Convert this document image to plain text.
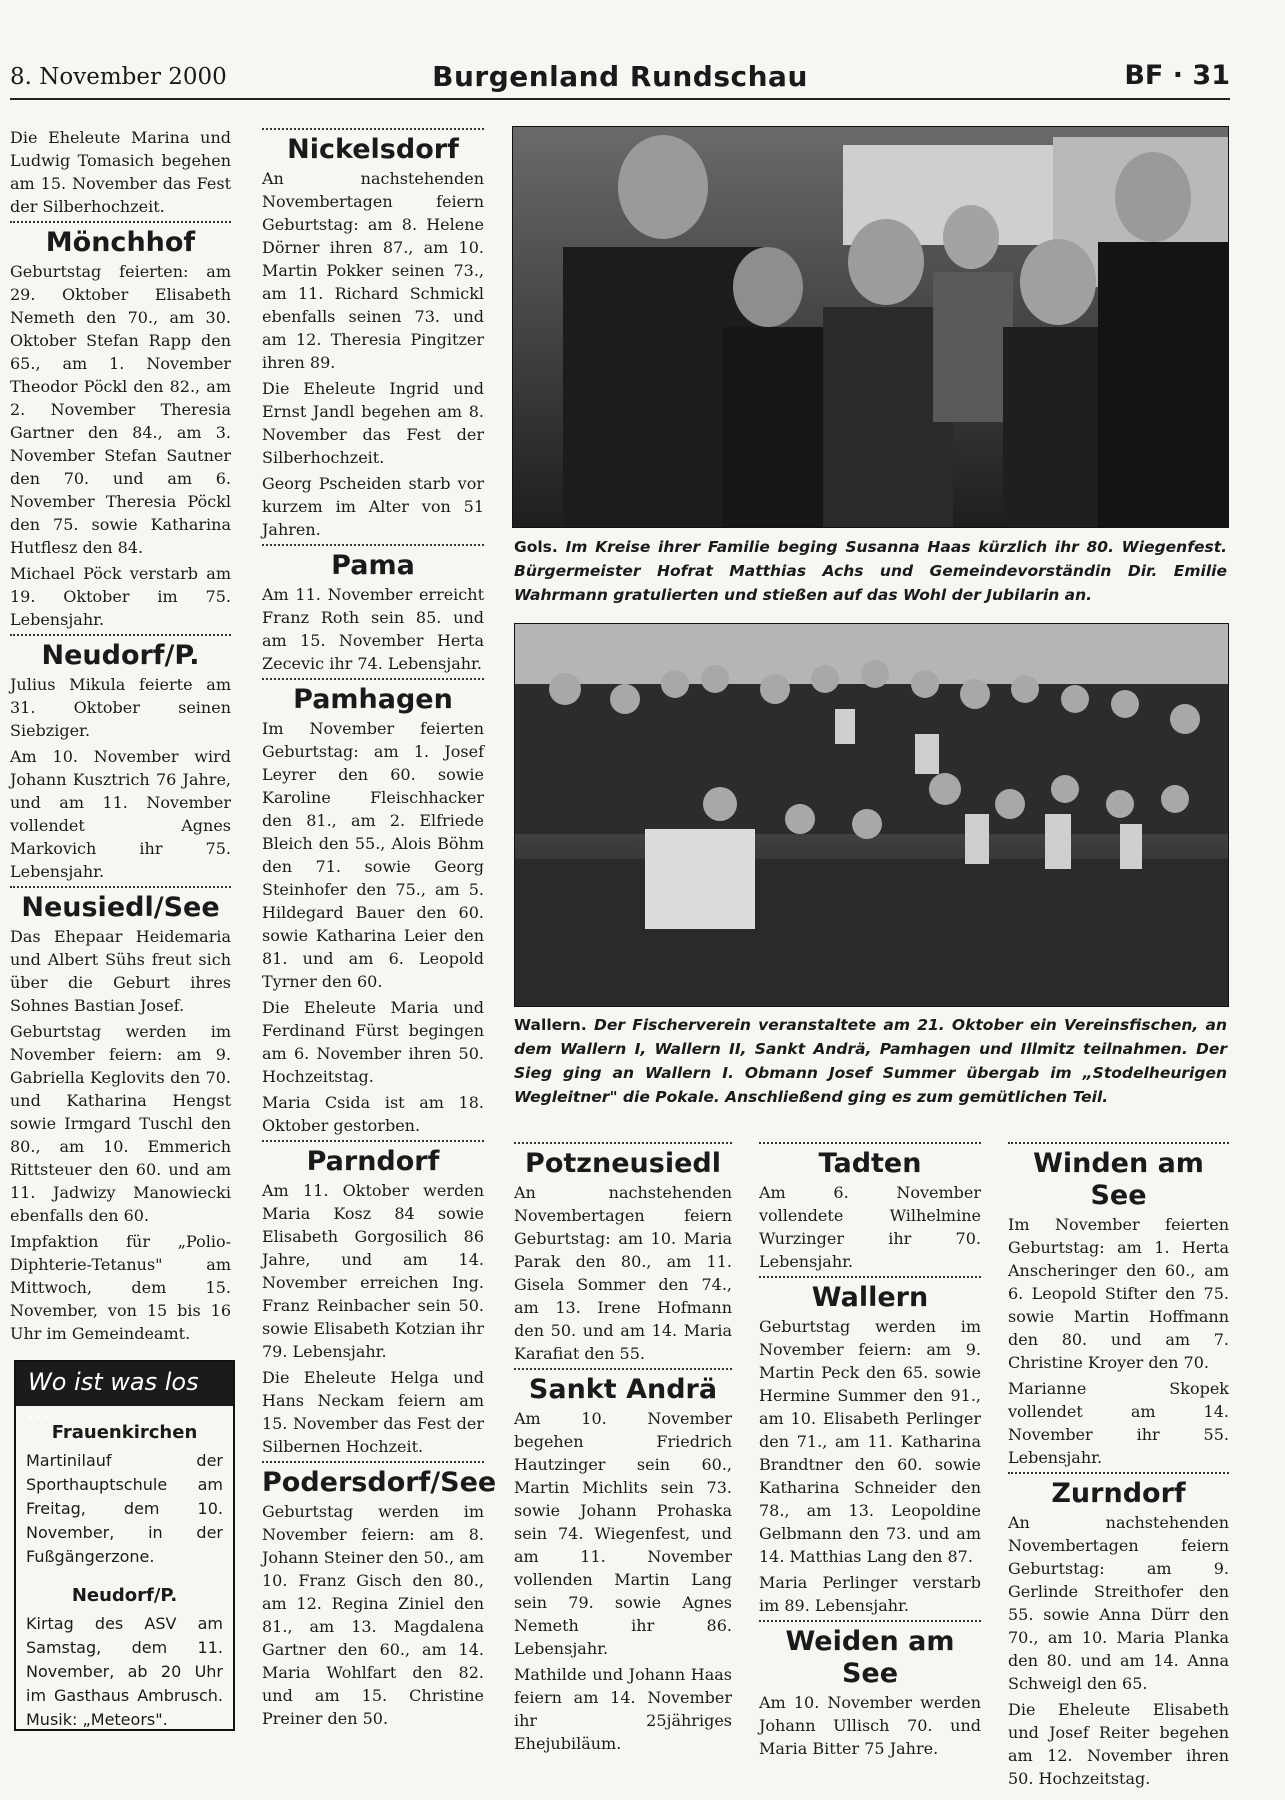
8. November 2000	Burgenland Rundschau	BF · 31

Die Eheleute Marina und Ludwig Tomasich begehen am 15. November das Fest der Silberhochzeit.

Mönchhof

Geburtstag feierten: am 29. Oktober Elisabeth Nemeth den 70., am 30. Oktober Stefan Rapp den 65., am 1. November Theodor Pöckl den 82., am 2. November Theresia Gartner den 84., am 3. November Stefan Sautner den 70. und am 6. November Theresia Pöckl den 75. sowie Katharina Hutflesz den 84.

Michael Pöck verstarb am 19. Oktober im 75. Lebensjahr.

Neudorf/P.

Julius Mikula feierte am 31. Oktober seinen Siebziger.

Am 10. November wird Johann Kusztrich 76 Jahre, und am 11. November vollendet Agnes Markovich ihr 75. Lebensjahr.

Neusiedl/See

Das Ehepaar Heidemaria und Albert Sühs freut sich über die Geburt ihres Sohnes Bastian Josef.

Geburtstag werden im November feiern: am 9. Gabriella Keglovits den 70. und Katharina Hengst sowie Irmgard Tuschl den 80., am 10. Emmerich Rittsteuer den 60. und am 11. Jadwizy Manowiecki ebenfalls den 60.

Impfaktion für „Polio-Diphterie-Tetanus" am Mittwoch, dem 15. November, von 15 bis 16 Uhr im Gemeindeamt.

Wo ist was los ...
Frauenkirchen

Martinilauf der Sporthauptschule am Freitag, dem 10. November, in der Fußgängerzone.

Neudorf/P.

Kirtag des ASV am Samstag, dem 11. November, ab 20 Uhr im Gasthaus Ambrusch. Musik: „Meteors".

Nickelsdorf

An nachstehenden Novembertagen feiern Geburtstag: am 8. Helene Dörner ihren 87., am 10. Martin Pokker seinen 73., am 11. Richard Schmickl ebenfalls seinen 73. und am 12. Theresia Pingitzer ihren 89.

Die Eheleute Ingrid und Ernst Jandl begehen am 8. November das Fest der Silberhochzeit.

Georg Pscheiden starb vor kurzem im Alter von 51 Jahren.

Pama

Am 11. November erreicht Franz Roth sein 85. und am 15. November Herta Zecevic ihr 74. Lebensjahr.

Pamhagen

Im November feierten Geburtstag: am 1. Josef Leyrer den 60. sowie Karoline Fleischhacker den 81., am 2. Elfriede Bleich den 55., Alois Böhm den 71. sowie Georg Steinhofer den 75., am 5. Hildegard Bauer den 60. sowie Katharina Leier den 81. und am 6. Leopold Tyrner den 60.

Die Eheleute Maria und Ferdinand Fürst begingen am 6. November ihren 50. Hochzeitstag.

Maria Csida ist am 18. Oktober gestorben.

Parndorf

Am 11. Oktober werden Maria Kosz 84 sowie Elisabeth Gorgosilich 86 Jahre, und am 14. November erreichen Ing. Franz Reinbacher sein 50. sowie Elisabeth Kotzian ihr 79. Lebensjahr.

Die Eheleute Helga und Hans Neckam feiern am 15. November das Fest der Silbernen Hochzeit.

Podersdorf/See

Geburtstag werden im November feiern: am 8. Johann Steiner den 50., am 10. Franz Gisch den 80., am 12. Regina Ziniel den 81., am 13. Magdalena Gartner den 60., am 14. Maria Wohlfart den 82. und am 15. Christine Preiner den 50.

Gols. Im Kreise ihrer Familie beging Susanna Haas kürzlich ihr 80. Wiegenfest. Bürgermeister Hofrat Matthias Achs und Gemeindevorständin Dir. Emilie Wahrmann gratulierten und stießen auf das Wohl der Jubilarin an.
Wallern. Der Fischerverein veranstaltete am 21. Oktober ein Vereinsfischen, an dem Wallern I, Wallern II, Sankt Andrä, Pamhagen und Illmitz teilnahmen. Der Sieg ging an Wallern I. Obmann Josef Summer übergab im „Stodelheurigen Wegleitner" die Pokale. Anschließend ging es zum gemütlichen Teil.
Potzneusiedl

An nachstehenden Novembertagen feiern Geburtstag: am 10. Maria Parak den 80., am 11. Gisela Sommer den 74., am 13. Irene Hofmann den 50. und am 14. Maria Karafiat den 55.

Sankt Andrä

Am 10. November begehen Friedrich Hautzinger sein 60., Martin Michlits sein 73. sowie Johann Prohaska sein 74. Wiegenfest, und am 11. November vollenden Martin Lang sein 79. sowie Agnes Nemeth ihr 86. Lebensjahr.

Mathilde und Johann Haas feiern am 14. November ihr 25jähriges Ehejubiläum.

Tadten

Am 6. November vollendete Wilhelmine Wurzinger ihr 70. Lebensjahr.

Wallern

Geburtstag werden im November feiern: am 9. Martin Peck den 65. sowie Hermine Summer den 91., am 10. Elisabeth Perlinger den 71., am 11. Katharina Brandtner den 60. sowie Katharina Schneider den 78., am 13. Leopoldine Gelbmann den 73. und am 14. Matthias Lang den 87.

Maria Perlinger verstarb im 89. Lebensjahr.

Weiden am See

Am 10. November werden Johann Ullisch 70. und Maria Bitter 75 Jahre.

Winden am See

Im November feierten Geburtstag: am 1. Herta Anscheringer den 60., am 6. Leopold Stifter den 75. sowie Martin Hoffmann den 80. und am 7. Christine Kroyer den 70.

Marianne Skopek vollendet am 14. November ihr 55. Lebensjahr.

Zurndorf

An nachstehenden Novembertagen feiern Geburtstag: am 9. Gerlinde Streithofer den 55. sowie Anna Dürr den 70., am 10. Maria Planka den 80. und am 14. Anna Schweigl den 65.

Die Eheleute Elisabeth und Josef Reiter begehen am 12. November ihren 50. Hochzeitstag.
